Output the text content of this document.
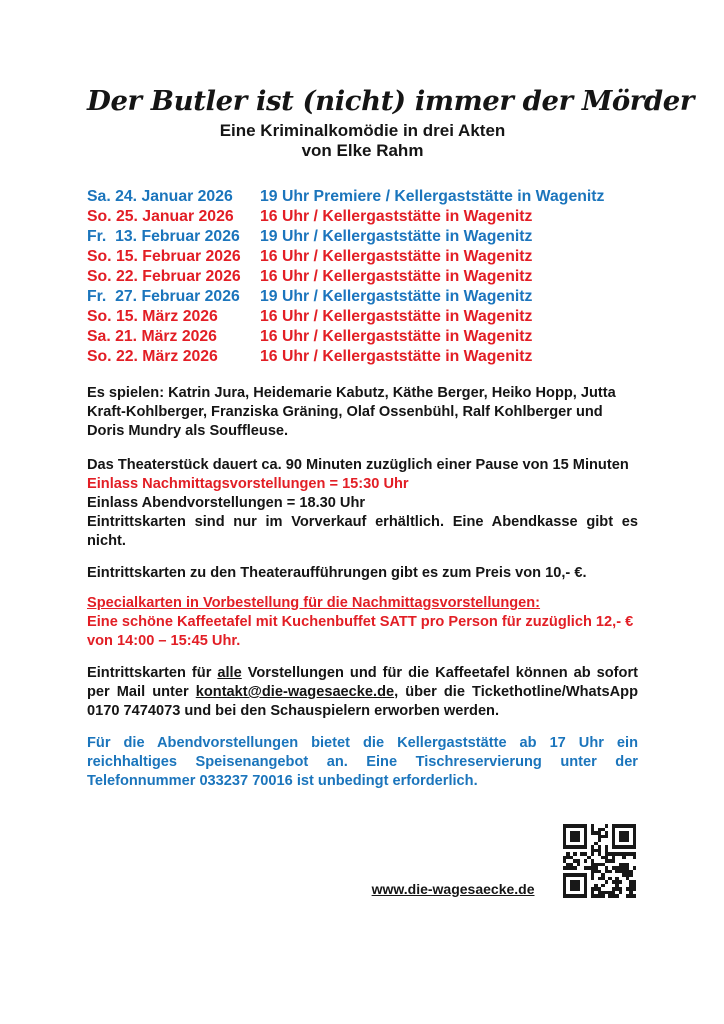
Der Butler ist (nicht) immer der Mörder
Eine Kriminalkomödie in drei Akten
von Elke Rahm
Sa. 24. Januar 2026	19 Uhr Premiere / Kellergaststätte in Wagenitz
So. 25. Januar 2026	16 Uhr / Kellergaststätte in Wagenitz
Fr.  13. Februar 2026	19 Uhr / Kellergaststätte in Wagenitz
So. 15. Februar 2026	16 Uhr / Kellergaststätte in Wagenitz
So. 22. Februar 2026	16 Uhr / Kellergaststätte in Wagenitz
Fr.  27. Februar 2026	19 Uhr / Kellergaststätte in Wagenitz
So. 15. März 2026	16 Uhr / Kellergaststätte in Wagenitz
Sa. 21. März 2026	16 Uhr / Kellergaststätte in Wagenitz
So. 22. März 2026	16 Uhr / Kellergaststätte in Wagenitz

Es spielen: Katrin Jura, Heidemarie Kabutz, Käthe Berger, Heiko Hopp, Jutta Kraft-Kohlberger, Franziska Gräning, Olaf Ossenbühl, Ralf Kohlberger und Doris Mundry als Souffleuse.

Das Theaterstück dauert ca. 90 Minuten zuzüglich einer Pause von 15 Minuten

Einlass Nachmittagsvorstellungen = 15:30 Uhr

Einlass Abendvorstellungen = 18.30 Uhr

Eintrittskarten sind nur im Vorverkauf erhältlich. Eine Abendkasse gibt es nicht.

Eintrittskarten zu den Theateraufführungen gibt es zum Preis von 10,- €.

Specialkarten in Vorbestellung für die Nachmittagsvorstellungen:

Eine schöne Kaffeetafel mit Kuchenbuffet SATT pro Person für zuzüglich 12,- € von 14:00 – 15:45 Uhr.

Eintrittskarten für alle Vorstellungen und für die Kaffeetafel können ab sofort per Mail unter kontakt@die-wagesaecke.de, über die Tickethotline/WhatsApp 0170 7474073 und bei den Schauspielern erworben werden.

Für die Abendvorstellungen bietet die Kellergaststätte ab 17 Uhr ein reichhaltiges Speisenangebot an. Eine Tischreservierung unter der Telefonnummer 033237 70016 ist unbedingt erforderlich.

www.die-wagesaecke.de
